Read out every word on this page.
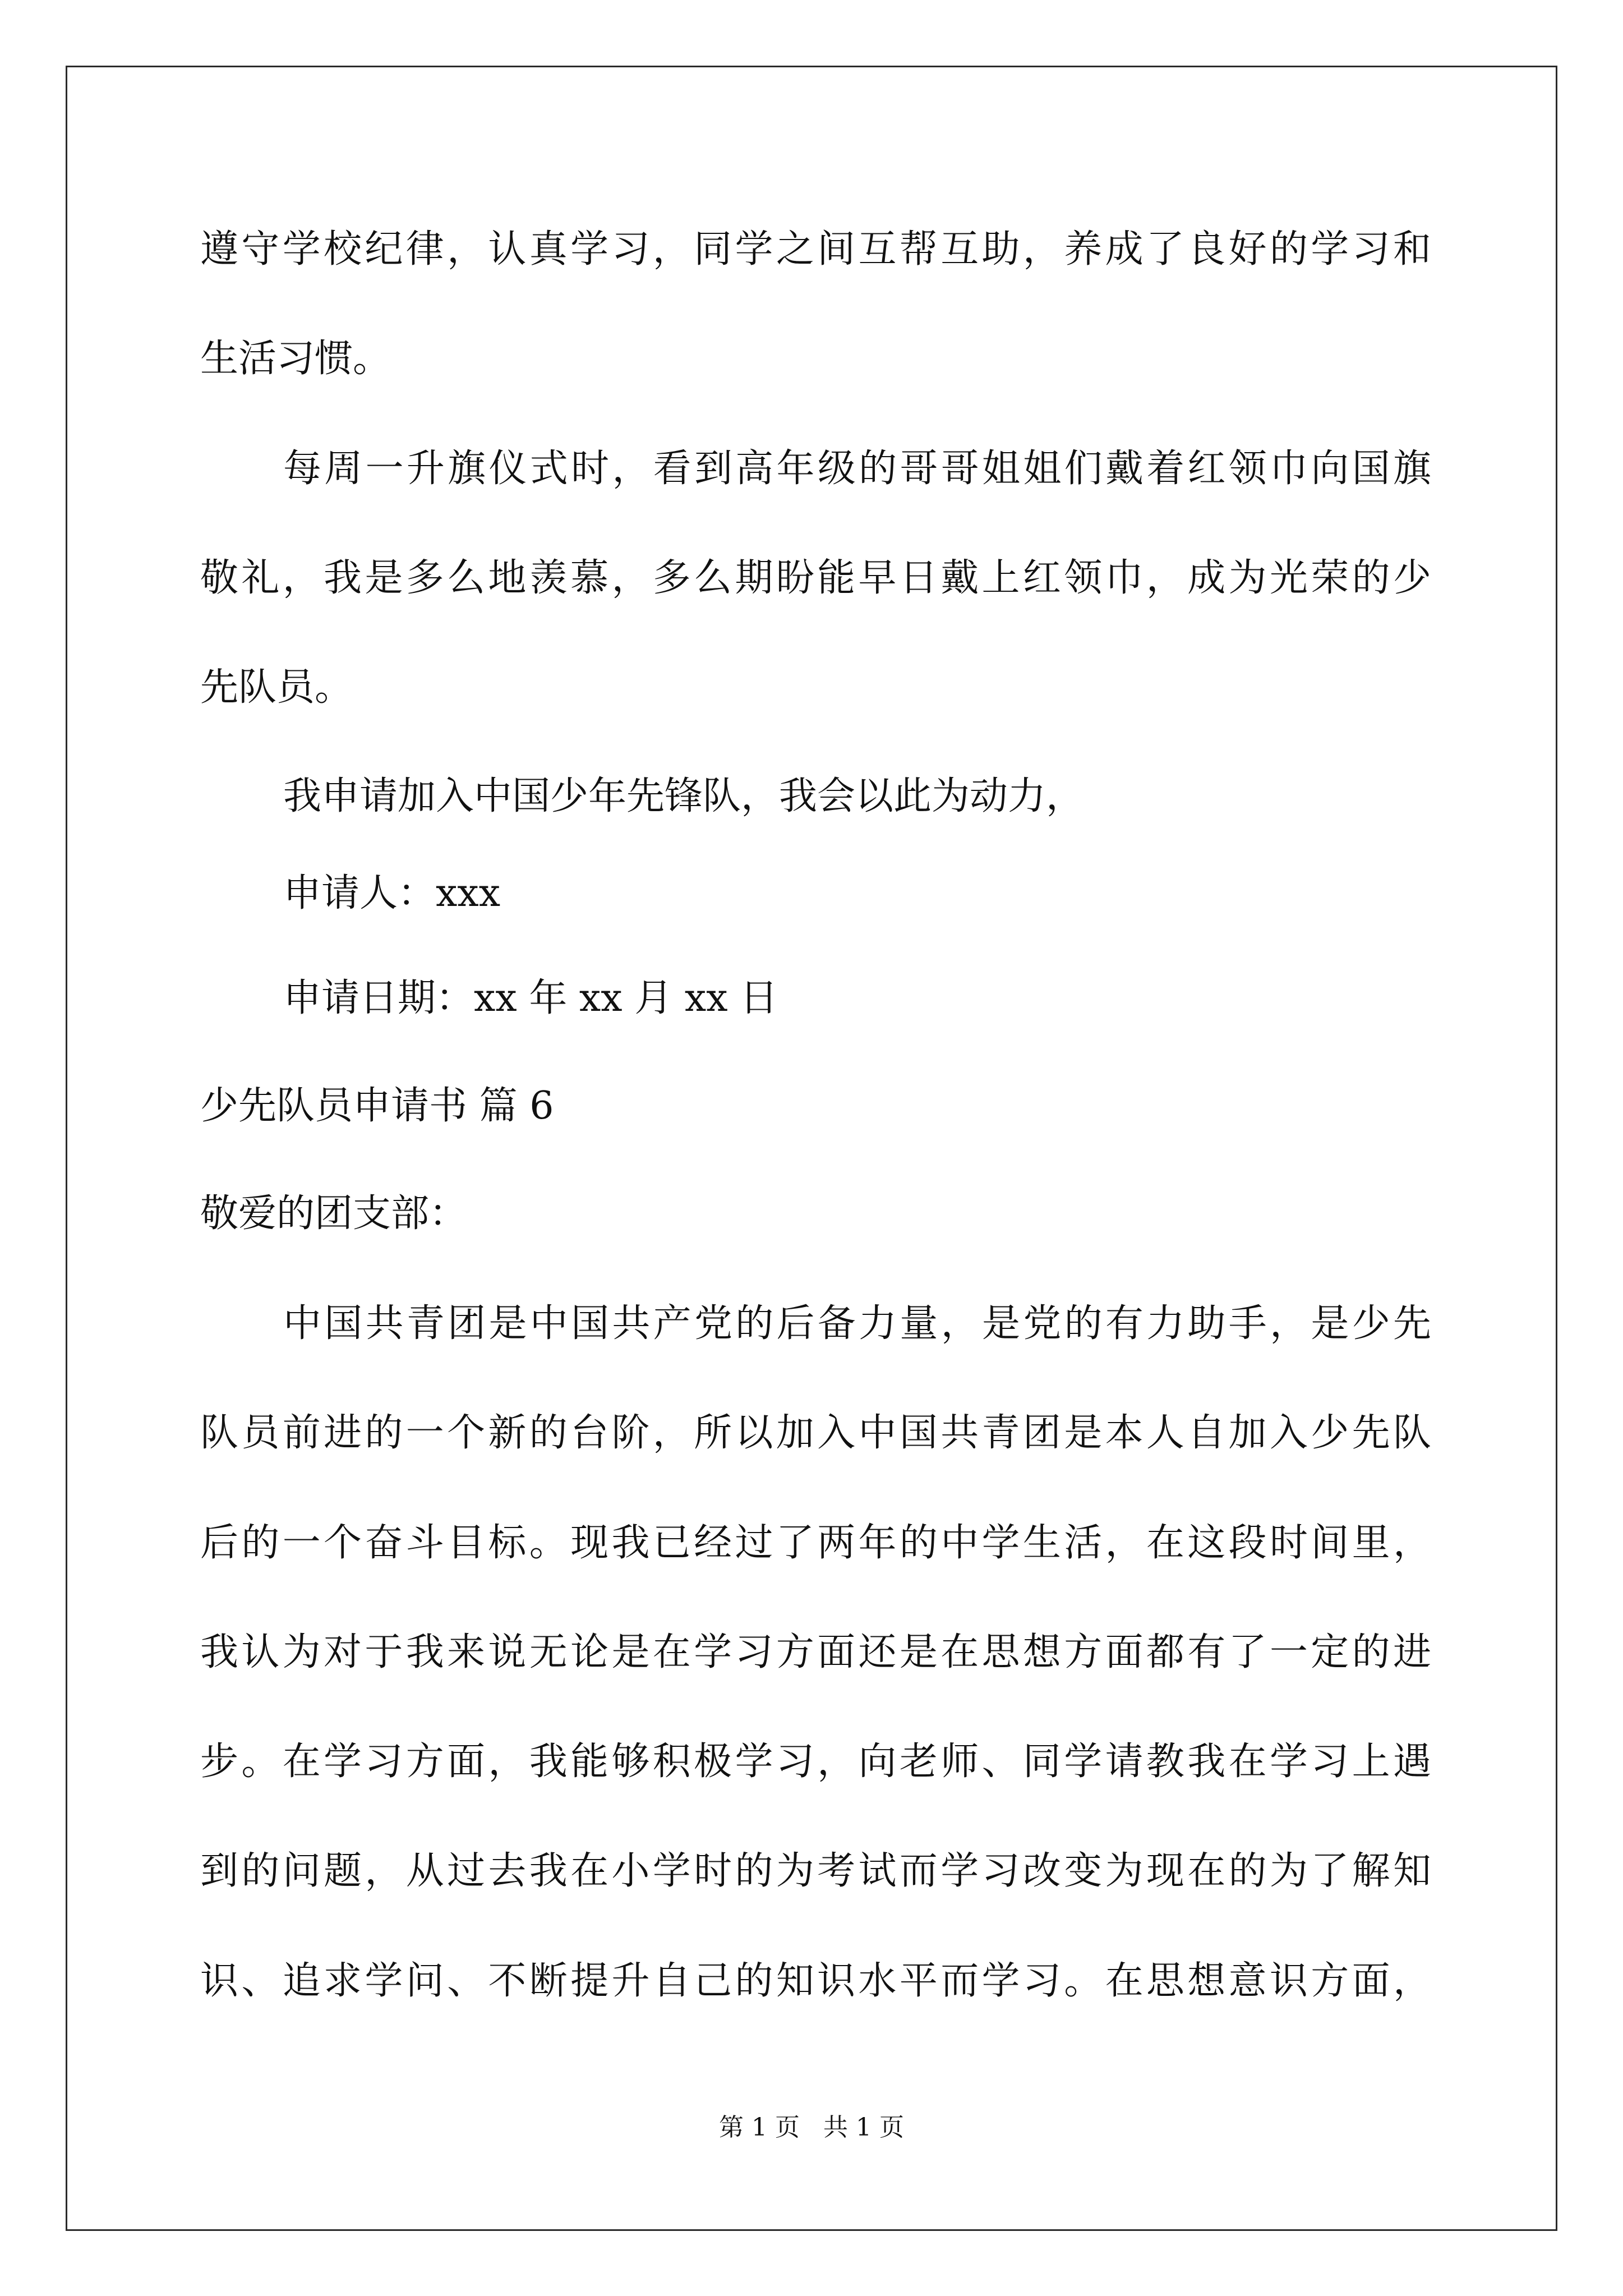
遵守学校纪律，认真学习，同学之间互帮互助，养成了良好的学习和
生活习惯。
每周一升旗仪式时，看到高年级的哥哥姐姐们戴着红领巾向国旗
敬礼，我是多么地羡慕，多么期盼能早日戴上红领巾，成为光荣的少
先队员。
我申请加入中国少年先锋队，我会以此为动力，
申请人：xxx
申请日期：xx 年 xx 月 xx 日
少先队员申请书 篇 6
敬爱的团支部：
中国共青团是中国共产党的后备力量，是党的有力助手，是少先
队员前进的一个新的台阶，所以加入中国共青团是本人自加入少先队
后的一个奋斗目标。现我已经过了两年的中学生活，在这段时间里，
我认为对于我来说无论是在学习方面还是在思想方面都有了一定的进
步。在学习方面，我能够积极学习，向老师、同学请教我在学习上遇
到的问题，从过去我在小学时的为考试而学习改变为现在的为了解知
识、追求学问、不断提升自己的知识水平而学习。在思想意识方面，
第 1 页   共 1 页
